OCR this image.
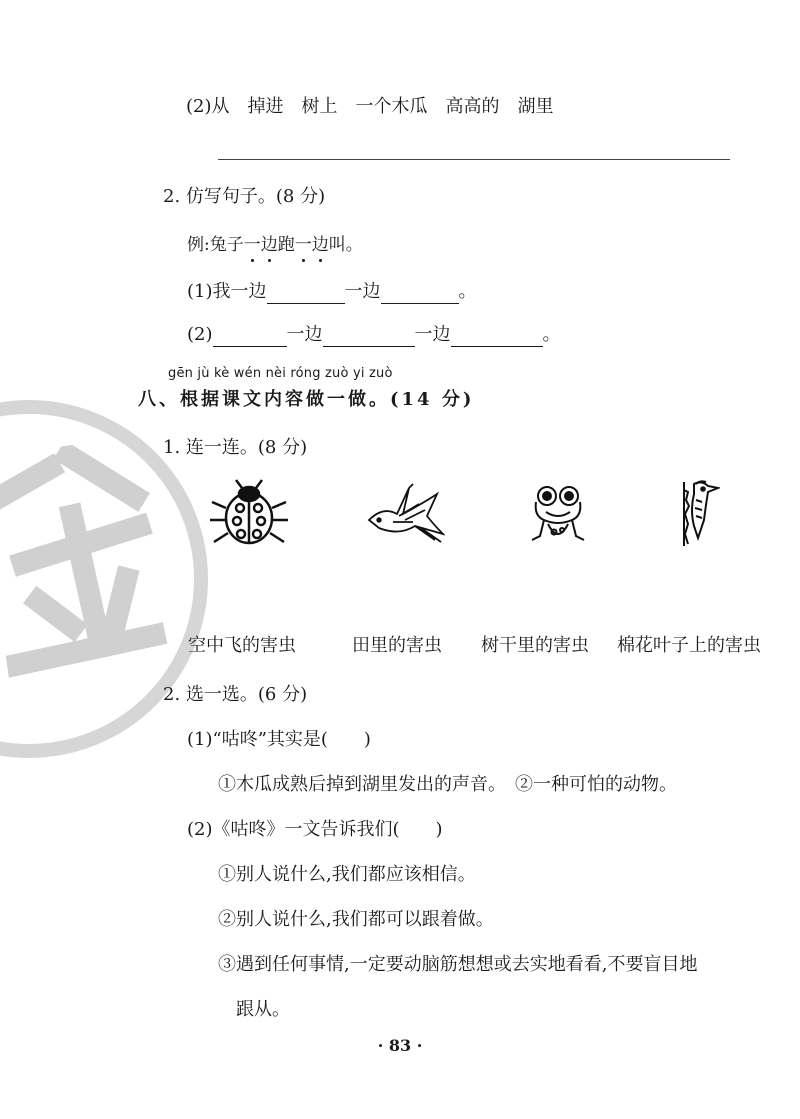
(2)从　掉进　树上　一个木瓜　高高的　湖里
2. 仿写句子。(8 分)
例:兔子一边跑一边叫。
(1)我一边	一边	。
(2)	一边	一边	。
gēn jù kè wén nèi róng zuò yi zuò
八、根据课文内容做一做。(14 分)
1. 连一连。(8 分)
空中飞的害虫	田里的害虫 树干里的害虫 棉花叶子上的害虫
2. 选一选。(6 分)
(1)“咕咚”其实是(　　)
①木瓜成熟后掉到湖里发出的声音。　②一种可怕的动物。
(2)《咕咚》一文告诉我们(　　)
①别人说什么,我们都应该相信。
②别人说什么,我们都可以跟着做。
③遇到任何事情,一定要动脑筋想想或去实地看看,不要盲目地
跟从。
· 83 ·
